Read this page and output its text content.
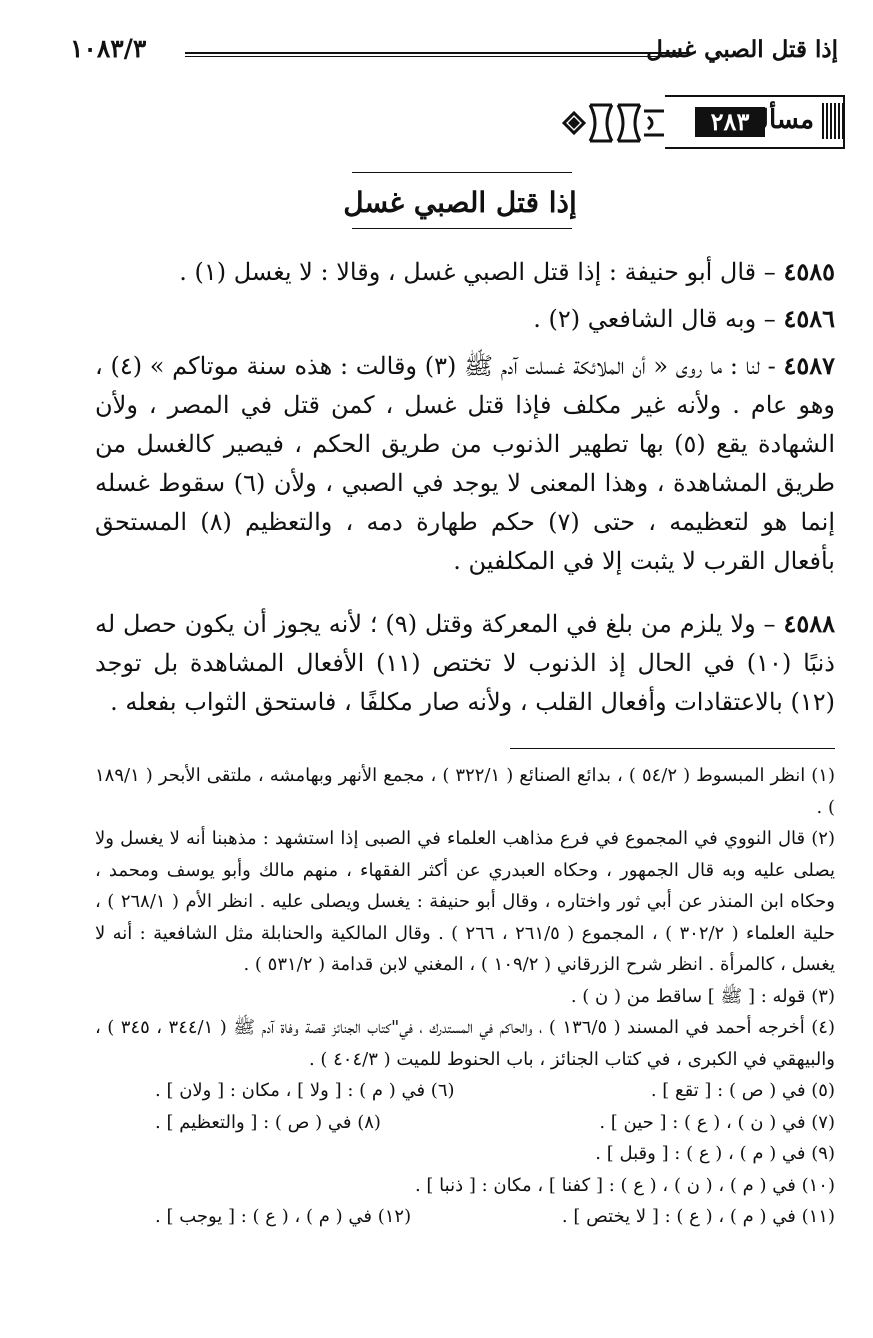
إذا قتل الصبي غسل
١٠٨٣/٣
٢٨٣
مسألة
إذا قتل الصبي غسل

٤٥٨٥ – قال أبو حنيفة : إذا قتل الصبي غسل ، وقالا : لا يغسل (١) .

٤٥٨٦ – وبه قال الشافعي (٢) .

٤٥٨٧ - لنا : ما روى « أن الملائكة غسلت آدم ﷺ (٣) وقالت : هذه سنة موتاكم » (٤) ، وهو عام . ولأنه غير مكلف فإذا قتل غسل ، كمن قتل في المصر ، ولأن الشهادة يقع (٥) بها تطهير الذنوب من طريق الحكم ، فيصير كالغسل من طريق المشاهدة ، وهذا المعنى لا يوجد في الصبي ، ولأن (٦) سقوط غسله إنما هو لتعظيمه ، حتى (٧) حكم طهارة دمه ، والتعظيم (٨) المستحق بأفعال القرب لا يثبت إلا في المكلفين .

٤٥٨٨ – ولا يلزم من بلغ في المعركة وقتل (٩) ؛ لأنه يجوز أن يكون حصل له ذنبًا (١٠) في الحال إذ الذنوب لا تختص (١١) الأفعال المشاهدة بل توجد (١٢) بالاعتقادات وأفعال القلب ، ولأنه صار مكلفًا ، فاستحق الثواب بفعله .

(١) انظر المبسوط ( ٥٤/٢ ) ، بدائع الصنائع ( ٣٢٢/١ ) ، مجمع الأنهر وبهامشه ، ملتقى الأبحر ( ١٨٩/١ ) .

(٢) قال النووي في المجموع في فرع مذاهب العلماء في الصبى إذا استشهد : مذهبنا أنه لا يغسل ولا يصلى عليه وبه قال الجمهور ، وحكاه العبدري عن أكثر الفقهاء ، منهم مالك وأبو يوسف ومحمد ، وحكاه ابن المنذر عن أبي ثور واختاره ، وقال أبو حنيفة : يغسل ويصلى عليه . انظر الأم ( ٢٦٨/١ ) ، حلية العلماء ( ٣٠٢/٢ ) ، المجموع ( ٢٦١/٥ ، ٢٦٦ ) . وقال المالكية والحنابلة مثل الشافعية : أنه لا يغسل ، كالمرأة . انظر شرح الزرقاني ( ١٠٩/٢ ) ، المغني لابن قدامة ( ٥٣١/٢ ) .

(٣) قوله : [ ﷺ ] ساقط من ( ن ) .

(٤) أخرجه أحمد في المسند ( ١٣٦/٥ ) ، والحاكم في المستدرك ، في"كتاب الجنائز قصة وفاة آدم ﷺ ( ٣٤٤/١ ، ٣٤٥ ) ، والبيهقي في الكبرى ، في كتاب الجنائز ، باب الحنوط للميت ( ٤٠٤/٣ ) .

(٥) في ( ص ) : [ تقع ] .
(٦) في ( م ) : [ ولا ] ، مكان : [ ولان ] .
(٧) في ( ن ) ، ( ع ) : [ حين ] .
(٨) في ( ص ) : [ والتعظيم ] .
(٩) في ( م ) ، ( ع ) : [ وقبل ] .
(١٠) في ( م ) ، ( ن ) ، ( ع ) : [ كفنا ] ، مكان : [ ذنبا ] .
(١١) في ( م ) ، ( ع ) : [ لا يختص ] .
(١٢) في ( م ) ، ( ع ) : [ يوجب ] .
